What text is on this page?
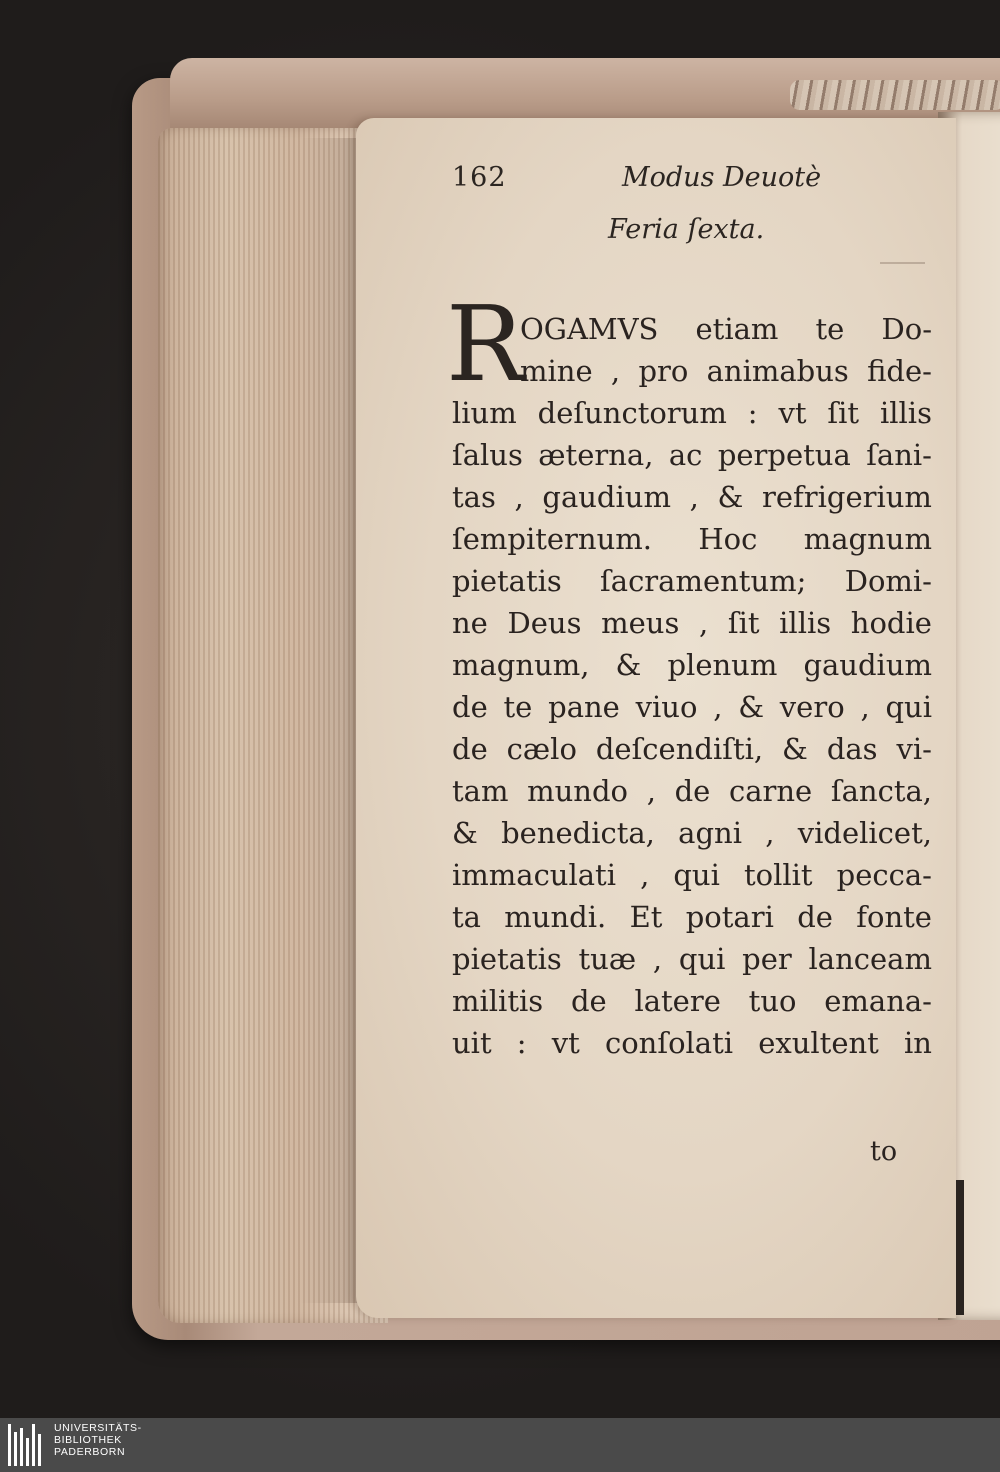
162	Modus Deuotè
Feria ſexta.
R
OGAMVS etiam te Do-
mine , pro animabus fide-
lium deſunctorum : vt ſit illis
ſalus æterna, ac perpetua ſani-
tas , gaudium , & refrigerium
ſempiternum. Hoc magnum
pietatis ſacramentum; Domi-
ne Deus meus , ſit illis hodie
magnum, & plenum gaudium
de te pane viuo , & vero , qui
de cælo deſcendiſti, & das vi-
tam mundo , de carne ſancta,
& benedicta, agni , videlicet,
immaculati , qui tollit pecca-
ta mundi. Et potari de fonte
pietatis tuæ , qui per lanceam
militis de latere tuo emana-
uit : vt conſolati exultent in
to
UNIVERSITÄTS-
BIBLIOTHEK
PADERBORN
